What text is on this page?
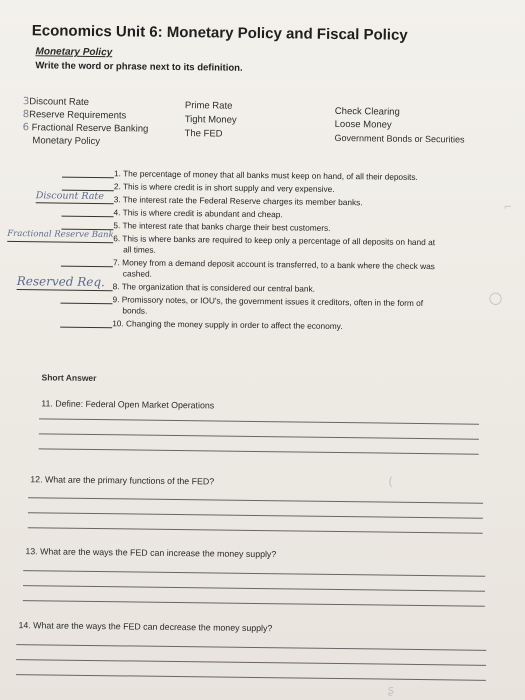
Economics Unit 6: Monetary Policy and Fiscal Policy
Monetary Policy
Write the word or phrase next to its definition.
3Discount Rate
8Reserve Requirements
6 Fractional Reserve Banking
Monetary Policy
Prime Rate
Tight Money
The FED
Check Clearing
Loose Money
Government Bonds or Securities
1. The percentage of money that all banks must keep on hand, of all their deposits.
2. This is where credit is in short supply and very expensive.
Discount Rate 3. The interest rate the Federal Reserve charges its member banks.
4. This is where credit is abundant and cheap.
5. The interest rate that banks charge their best customers.
Fractional Reserve Bank 6. This is where banks are required to keep only a percentage of all deposits on hand at
all times.
7. Money from a demand deposit account is transferred, to a bank where the check was
cashed.
Reserved Req. 8. The organization that is considered our central bank.
9. Promissory notes, or IOU's, the government issues it creditors, often in the form of
bonds.
10. Changing the money supply in order to affect the economy.
Short Answer
11. Define: Federal Open Market Operations
12. What are the primary functions of the FED?
13. What are the ways the FED can increase the money supply?
14. What are the ways the FED can decrease the money supply?
○
(
ʂ
⌐
